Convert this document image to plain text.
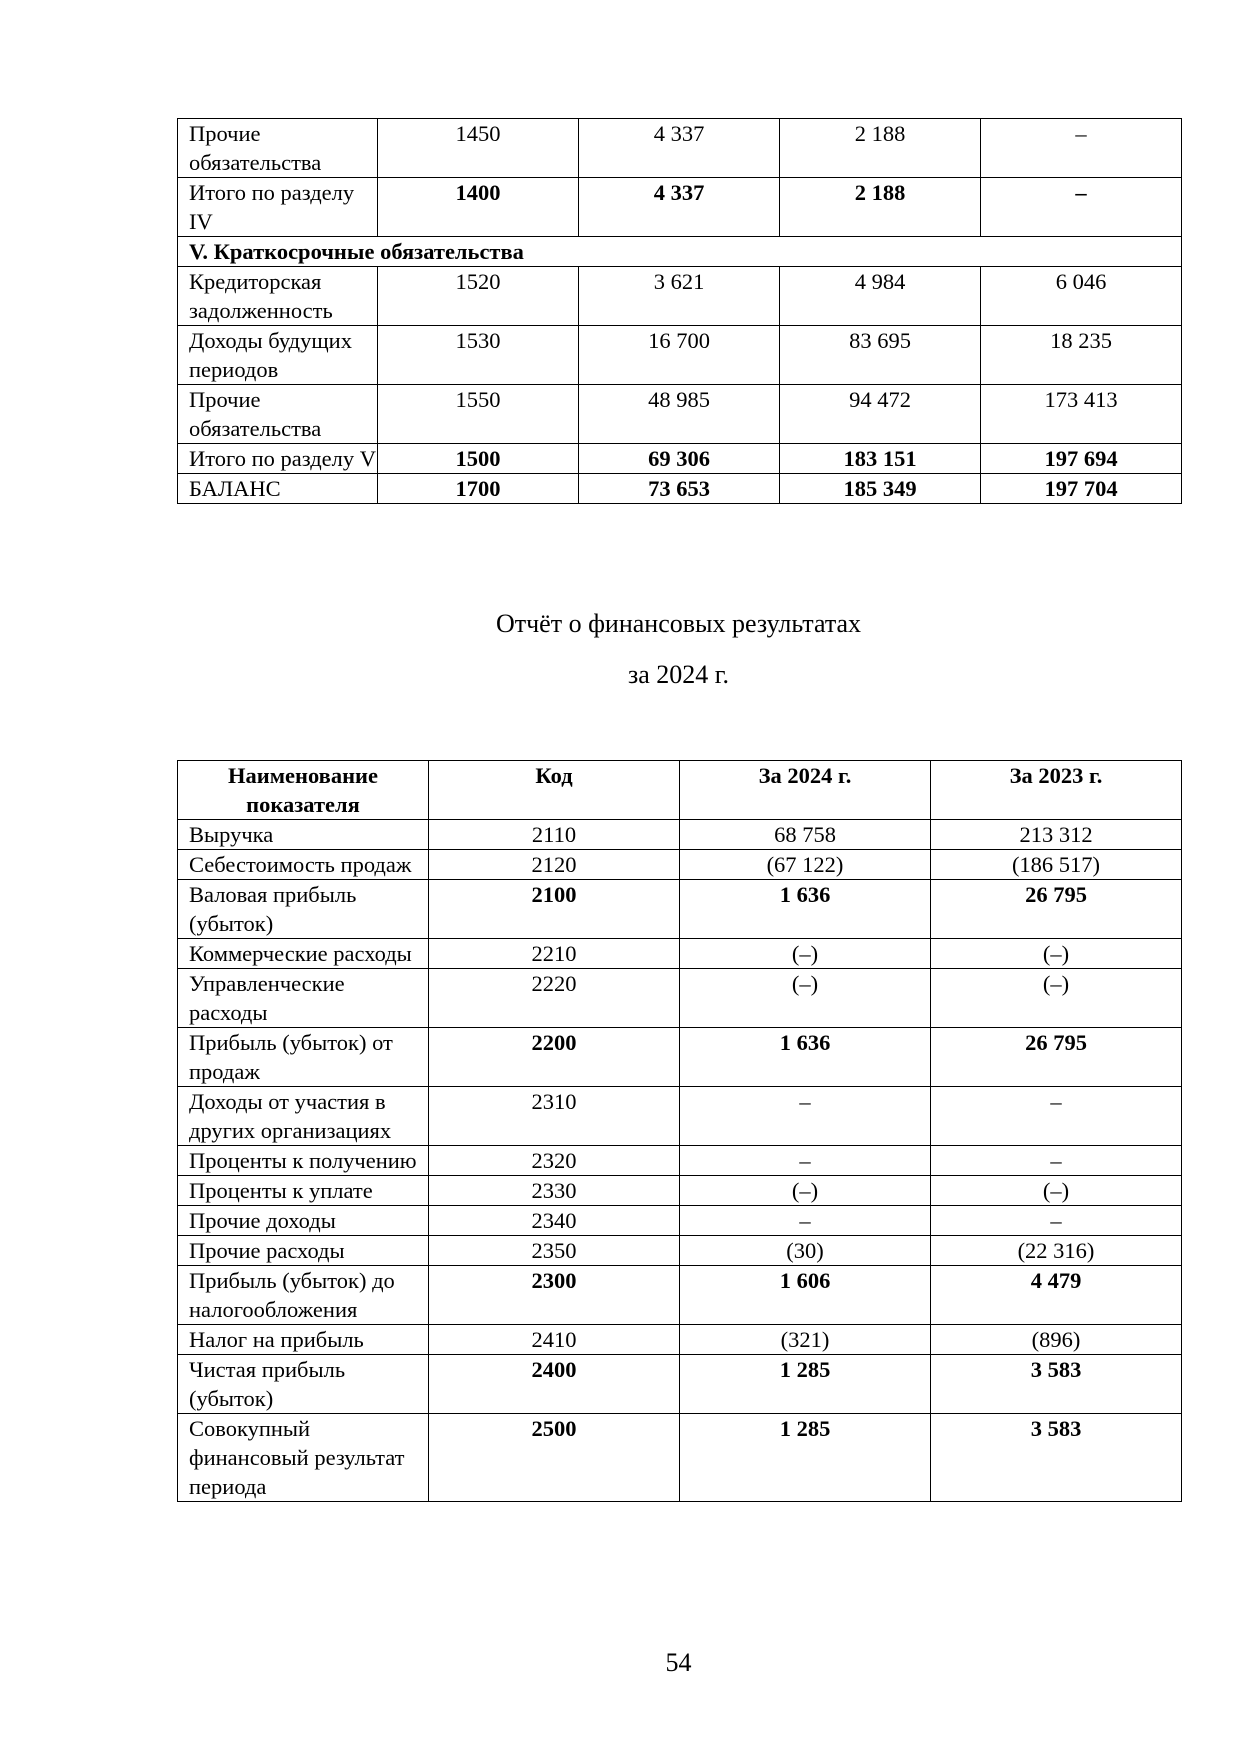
Прочие обязательства	1450	4 337	2 188	–
Итого по разделу IV	1400	4 337	2 188	–
V. Краткосрочные обязательства				
Кредиторская задолженность	1520	3 621	4 984	6 046
Доходы будущих периодов	1530	16 700	83 695	18 235
Прочие обязательства	1550	48 985	94 472	173 413
Итого по разделу V	1500	69 306	183 151	197 694
БАЛАНС	1700	73 653	185 349	197 704
Отчёт о финансовых результатах
за 2024 г.
Наименование показателя	Код	За 2024 г.	За 2023 г.
Выручка	2110	68 758	213 312
Себестоимость продаж	2120	(67 122)	(186 517)
Валовая прибыль (убыток)	2100	1 636	26 795
Коммерческие расходы	2210	(–)	(–)
Управленческие расходы	2220	(–)	(–)
Прибыль (убыток) от продаж	2200	1 636	26 795
Доходы от участия в других организациях	2310	–	–
Проценты к получению	2320	–	–
Проценты к уплате	2330	(–)	(–)
Прочие доходы	2340	–	–
Прочие расходы	2350	(30)	(22 316)
Прибыль (убыток) до налогообложения	2300	1 606	4 479
Налог на прибыль	2410	(321)	(896)
Чистая прибыль (убыток)	2400	1 285	3 583
Совокупный финансовый результат периода	2500	1 285	3 583
54
